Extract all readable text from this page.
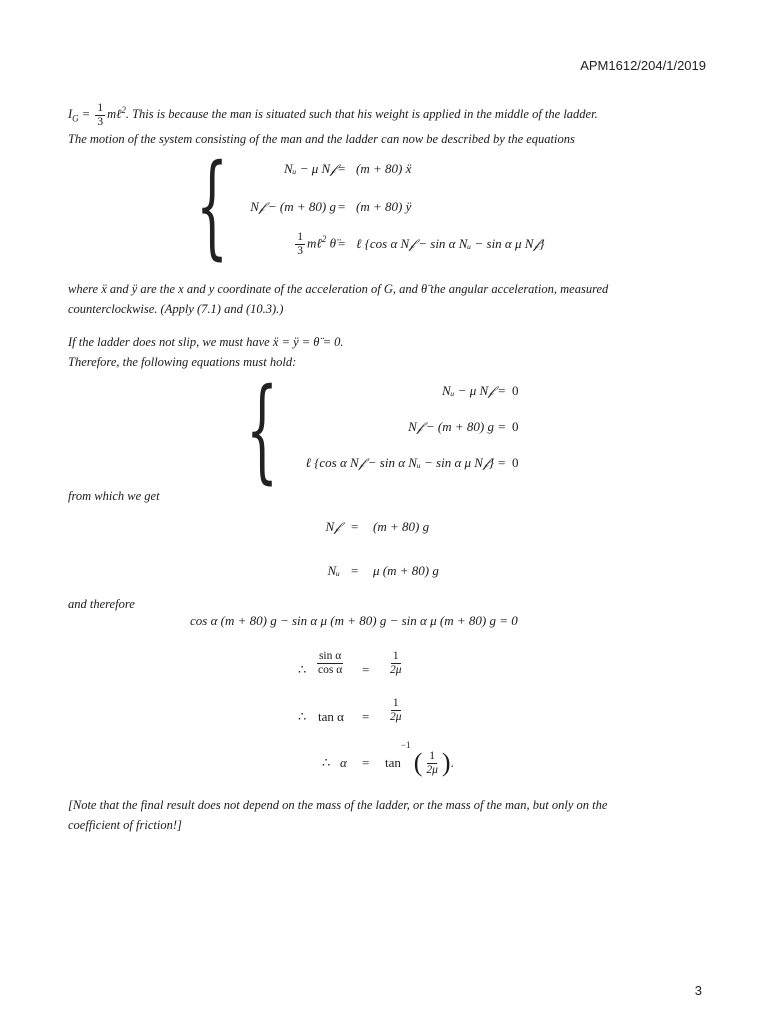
APM1612/204/1/2019
$I_G = \frac{1}{3}$ mℓ$^2$. This is because the man is situated such that his weight is applied in the middle of the ladder.
The motion of the system consisting of the man and the ladder can now be described by the equations
{	Nᵤ − μ N𝒻 = (m + 80) ẍ
N𝒻 − (m + 80) g = (m + 80) ÿ
$\frac{1}{3}$ mℓ$^2$ θ̈ = ℓ {cos α N𝒻 − sin α Nᵤ − sin α μ N𝒻}
where ẍ and ÿ are the x and y coordinate of the acceleration of G, and θ̈ the angular acceleration, measured
counterclockwise. (Apply (7.1) and (10.3).)
If the ladder does not slip, we must have ẍ = ÿ = θ̈ = 0.
Therefore, the following equations must hold:
{	Nᵤ − μ N𝒻 = 0
N𝒻 − (m + 80) g = 0
ℓ {cos α N𝒻 − sin α Nᵤ − sin α μ N𝒻} = 0
from which we get
N𝒻 = (m + 80) g
Nᵤ = μ (m + 80) g
and therefore
cos α (m + 80) g − sin α μ (m + 80) g − sin α μ (m + 80) g = 0
∴ $\frac{\text{sin α}}{\text{cos α}} = \frac{1}{2\mu}$
∴ $\tan \alpha = \frac{1}{2\mu}$
∴ $\alpha = \tan^{-1}$ ( $\frac{1}{2\mu}$ ).
[Note that the final result does not depend on the mass of the ladder, or the mass of the man, but only on the
coefficient of friction!]
3
